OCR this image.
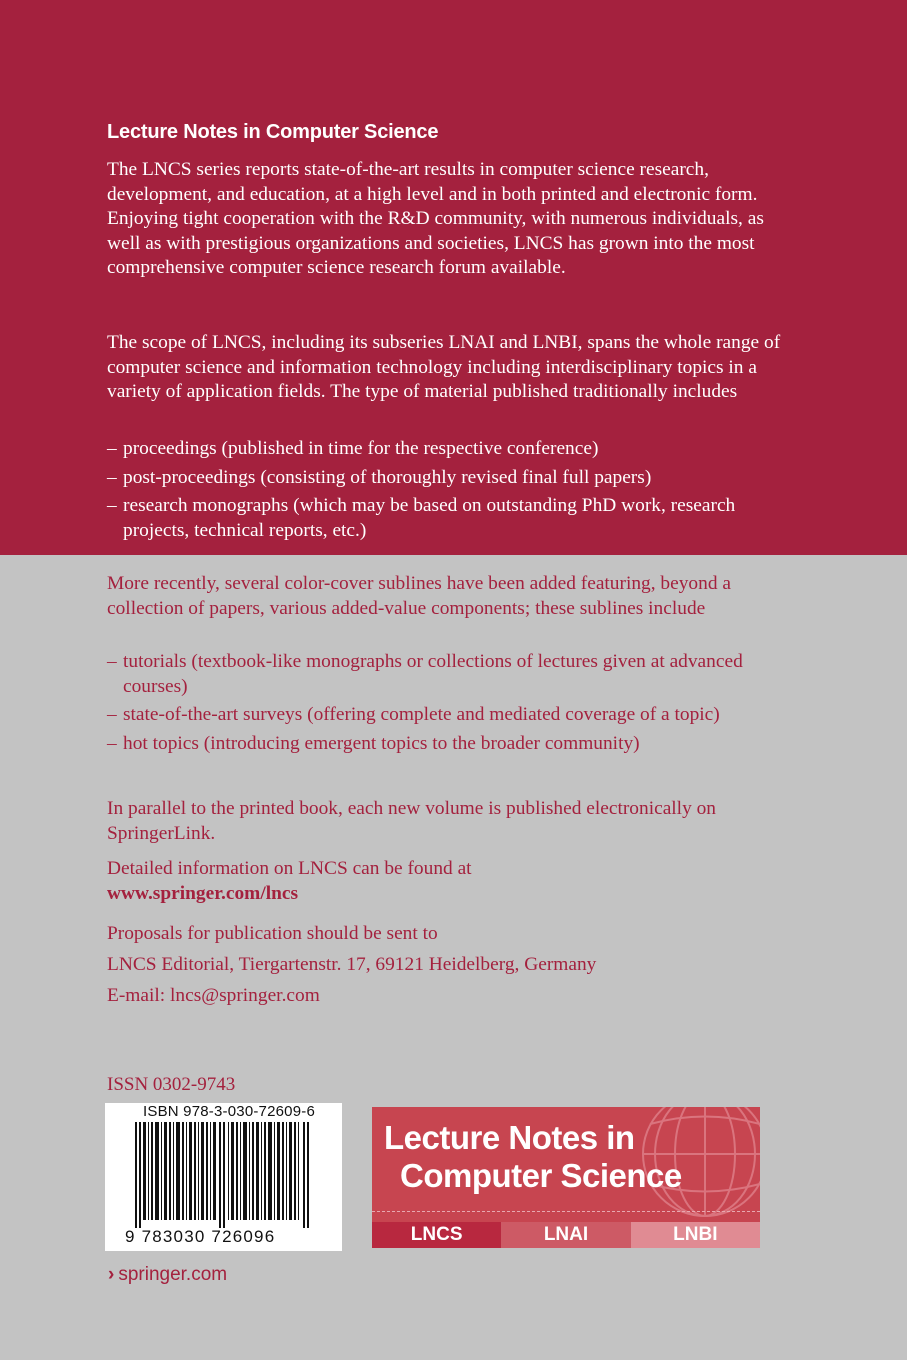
Lecture Notes in Computer Science

The LNCS series reports state-of-the-art results in computer science research, development, and education, at a high level and in both printed and electronic form. Enjoying tight cooperation with the R&D community, with numerous individuals, as well as with prestigious organizations and societies, LNCS has grown into the most comprehensive computer science research forum available.

The scope of LNCS, including its subseries LNAI and LNBI, spans the whole range of computer science and information technology including interdisciplinary topics in a variety of application fields. The type of material published traditionally includes

– proceedings (published in time for the respective conference)
– post-proceedings (consisting of thoroughly revised final full papers)
– research monographs (which may be based on outstanding PhD work, research projects, technical reports, etc.)

More recently, several color-cover sublines have been added featuring, beyond a collection of papers, various added-value components; these sublines include

– tutorials (textbook-like monographs or collections of lectures given at advanced courses)
– state-of-the-art surveys (offering complete and mediated coverage of a topic)
– hot topics (introducing emergent topics to the broader community)

In parallel to the printed book, each new volume is published electronically on SpringerLink.

Detailed information on LNCS can be found at
www.springer.com/lncs

Proposals for publication should be sent to
LNCS Editorial, Tiergartenstr. 17, 69121 Heidelberg, Germany
E-mail: lncs@springer.com

ISSN 0302-9743
ISBN 978-3-030-72609-6
9 783030 726096
Lecture Notes in
Computer Science
LNCS	LNAI	LNBI
› springer.com
